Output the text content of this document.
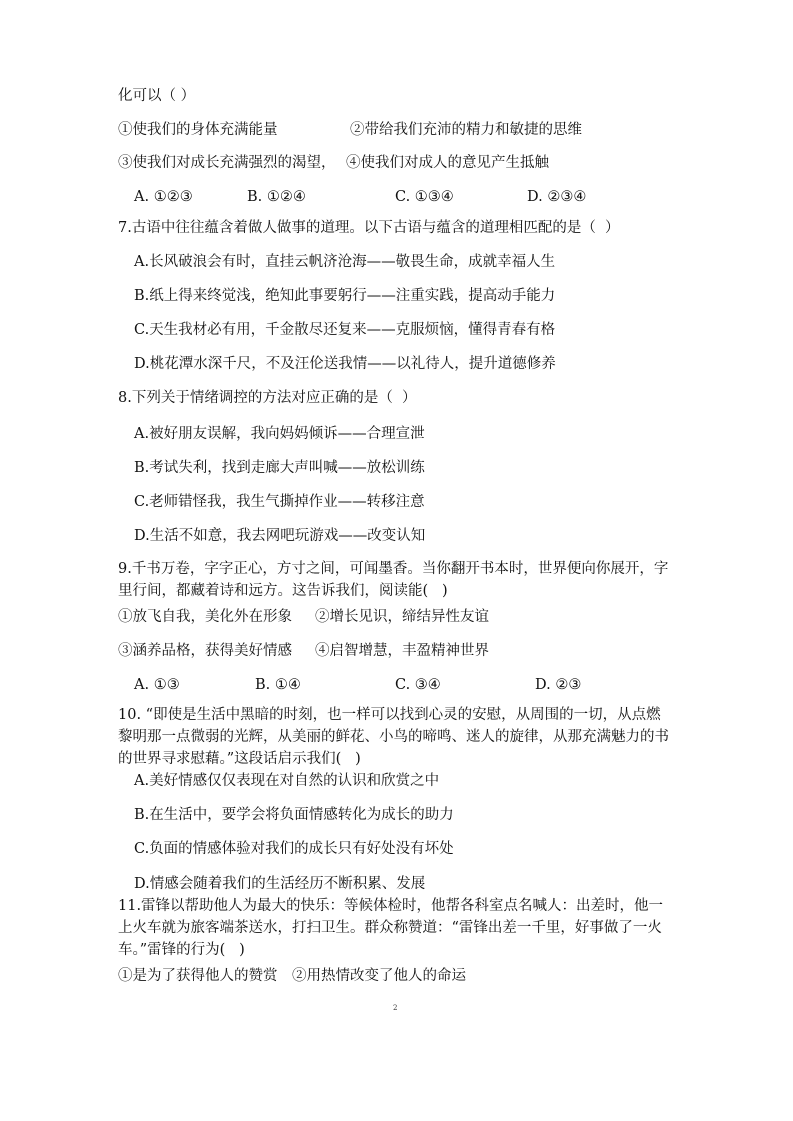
化可以（ ）
①使我们的身体充满能量	②带给我们充沛的精力和敏捷的思维
③使我们对成长充满强烈的渴望， ④使我们对成人的意见产生抵触
A. ①②③	B. ①②④	C. ①③④	D. ②③④
7.古语中往往蕴含着做人做事的道理。以下古语与蕴含的道理相匹配的是（  ）
A.长风破浪会有时，直挂云帆济沧海——敬畏生命，成就幸福人生
B.纸上得来终觉浅，绝知此事要躬行——注重实践，提高动手能力
C.天生我材必有用，千金散尽还复来——克服烦恼，懂得青春有格
D.桃花潭水深千尺，不及汪伦送我情——以礼待人，提升道德修养
8.下列关于情绪调控的方法对应正确的是（  ）
A.被好朋友误解，我向妈妈倾诉——合理宣泄
B.考试失利，找到走廊大声叫喊——放松训练
C.老师错怪我，我生气撕掉作业——转移注意
D.生活不如意，我去网吧玩游戏——改变认知
9.千书万卷，字字正心，方寸之间，可闻墨香。当你翻开书本时，世界便向你展开，字
里行间，都藏着诗和远方。这告诉我们，阅读能(   )
①放飞自我，美化外在形象 ②增长见识，缔结异性友谊
③涵养品格，获得美好情感 ④启智增慧，丰盈精神世界
A. ①③	B. ①④	C. ③④	D. ②③
10. “即使是生活中黑暗的时刻，也一样可以找到心灵的安慰，从周围的一切，从点燃
黎明那一点微弱的光辉，从美丽的鲜花、小鸟的啼鸣、迷人的旋律，从那充满魅力的书
的世界寻求慰藉。”这段话启示我们(   )
A.美好情感仅仅表现在对自然的认识和欣赏之中
B.在生活中，要学会将负面情感转化为成长的助力
C.负面的情感体验对我们的成长只有好处没有坏处
D.情感会随着我们的生活经历不断积累、发展
11.雷锋以帮助他人为最大的快乐：等候体检时，他帮各科室点名喊人：出差时，他一
上火车就为旅客端茶送水，打扫卫生。群众称赞道：“雷锋出差一千里，好事做了一火
车。”雷锋的行为(   )
①是为了获得他人的赞赏 ②用热情改变了他人的命运
2
